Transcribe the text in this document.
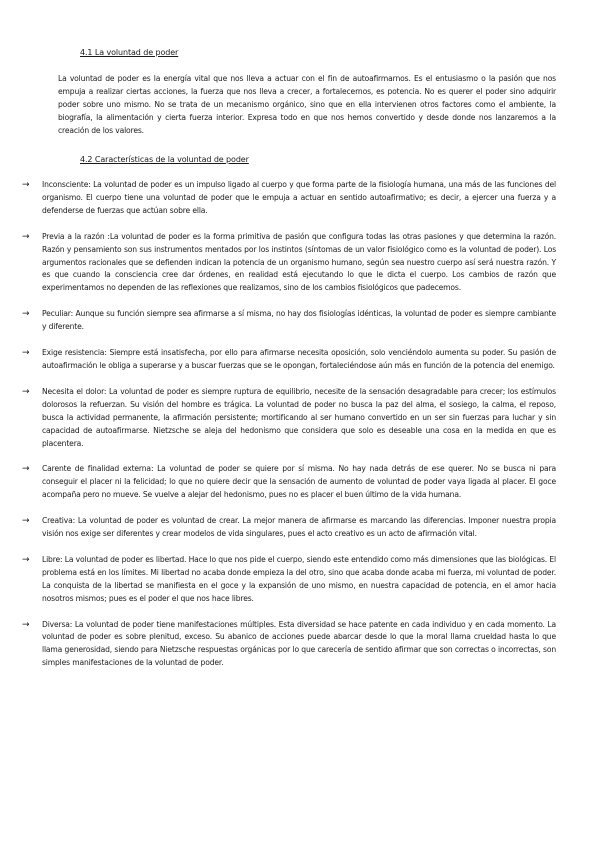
4.1 La voluntad de poder
La voluntad de poder es la energía vital que nos lleva a actuar con el fin de autoafirmarnos. Es el entusiasmo o la pasión que nos empuja a realizar ciertas acciones, la fuerza que nos lleva a crecer, a fortalecernos, es potencia. No es querer el poder sino adquirir poder sobre uno mismo. No se trata de un mecanismo orgánico, sino que en ella intervienen otros factores como el ambiente, la biografía, la alimentación y cierta fuerza interior. Expresa todo en que nos hemos convertido y desde donde nos lanzaremos a la creación de los valores.
4.2 Características de la voluntad de poder
→ Inconsciente: La voluntad de poder es un impulso ligado al cuerpo y que forma parte de la fisiología humana, una más de las funciones del organismo. El cuerpo tiene una voluntad de poder que le empuja a actuar en sentido autoafirmativo; es decir, a ejercer una fuerza y a defenderse de fuerzas que actúan sobre ella.
→ Previa a la razón :La voluntad de poder es la forma primitiva de pasión que configura todas las otras pasiones y que determina la razón. Razón y pensamiento son sus instrumentos mentados por los instintos (síntomas de un valor fisiológico como es la voluntad de poder). Los argumentos racionales que se defienden indican la potencia de un organismo humano, según sea nuestro cuerpo así será nuestra razón. Y es que cuando la consciencia cree dar órdenes, en realidad está ejecutando lo que le dicta el cuerpo. Los cambios de razón que experimentamos no dependen de las reflexiones que realizamos, sino de los cambios fisiológicos que padecemos.
→ Peculiar: Aunque su función siempre sea afirmarse a sí misma, no hay dos fisiologías idénticas, la voluntad de poder es siempre cambiante y diferente.
→ Exige resistencia: Siempre está insatisfecha, por ello para afirmarse necesita oposición, solo venciéndolo aumenta su poder. Su pasión de autoafirmación le obliga a superarse y a buscar fuerzas que se le opongan, fortaleciéndose aún más en función de la potencia del enemigo.
→ Necesita el dolor: La voluntad de poder es siempre ruptura de equilibrio, necesite de la sensación desagradable para crecer; los estímulos dolorosos la refuerzan. Su visión del hombre es trágica. La voluntad de poder no busca la paz del alma, el sosiego, la calma, el reposo, busca la actividad permanente, la afirmación persistente; mortificando al ser humano convertido en un ser sin fuerzas para luchar y sin capacidad de autoafirmarse. Nietzsche se aleja del hedonismo que considera que solo es deseable una cosa en la medida en que es placentera.
→ Carente de finalidad externa: La voluntad de poder se quiere por sí misma. No hay nada detrás de ese querer. No se busca ni para conseguir el placer ni la felicidad; lo que no quiere decir que la sensación de aumento de voluntad de poder vaya ligada al placer. El goce acompaña pero no mueve. Se vuelve a alejar del hedonismo, pues no es placer el buen último de la vida humana.
→ Creativa: La voluntad de poder es voluntad de crear. La mejor manera de afirmarse es marcando las diferencias. Imponer nuestra propia visión nos exige ser diferentes y crear modelos de vida singulares, pues el acto creativo es un acto de afirmación vital.
→ Libre: La voluntad de poder es libertad. Hace lo que nos pide el cuerpo, siendo este entendido como más dimensiones que las biológicas. El problema está en los límites. Mi libertad no acaba donde empieza la del otro, sino que acaba donde acaba mi fuerza, mi voluntad de poder. La conquista de la libertad se manifiesta en el goce y la expansión de uno mismo, en nuestra capacidad de potencia, en el amor hacia nosotros mismos; pues es el poder el que nos hace libres.
→ Diversa: La voluntad de poder tiene manifestaciones múltiples. Esta diversidad se hace patente en cada individuo y en cada momento. La voluntad de poder es sobre plenitud, exceso. Su abanico de acciones puede abarcar desde lo que la moral llama crueldad hasta lo que llama generosidad, siendo para Nietzsche respuestas orgánicas por lo que carecería de sentido afirmar que son correctas o incorrectas, son simples manifestaciones de la voluntad de poder.
